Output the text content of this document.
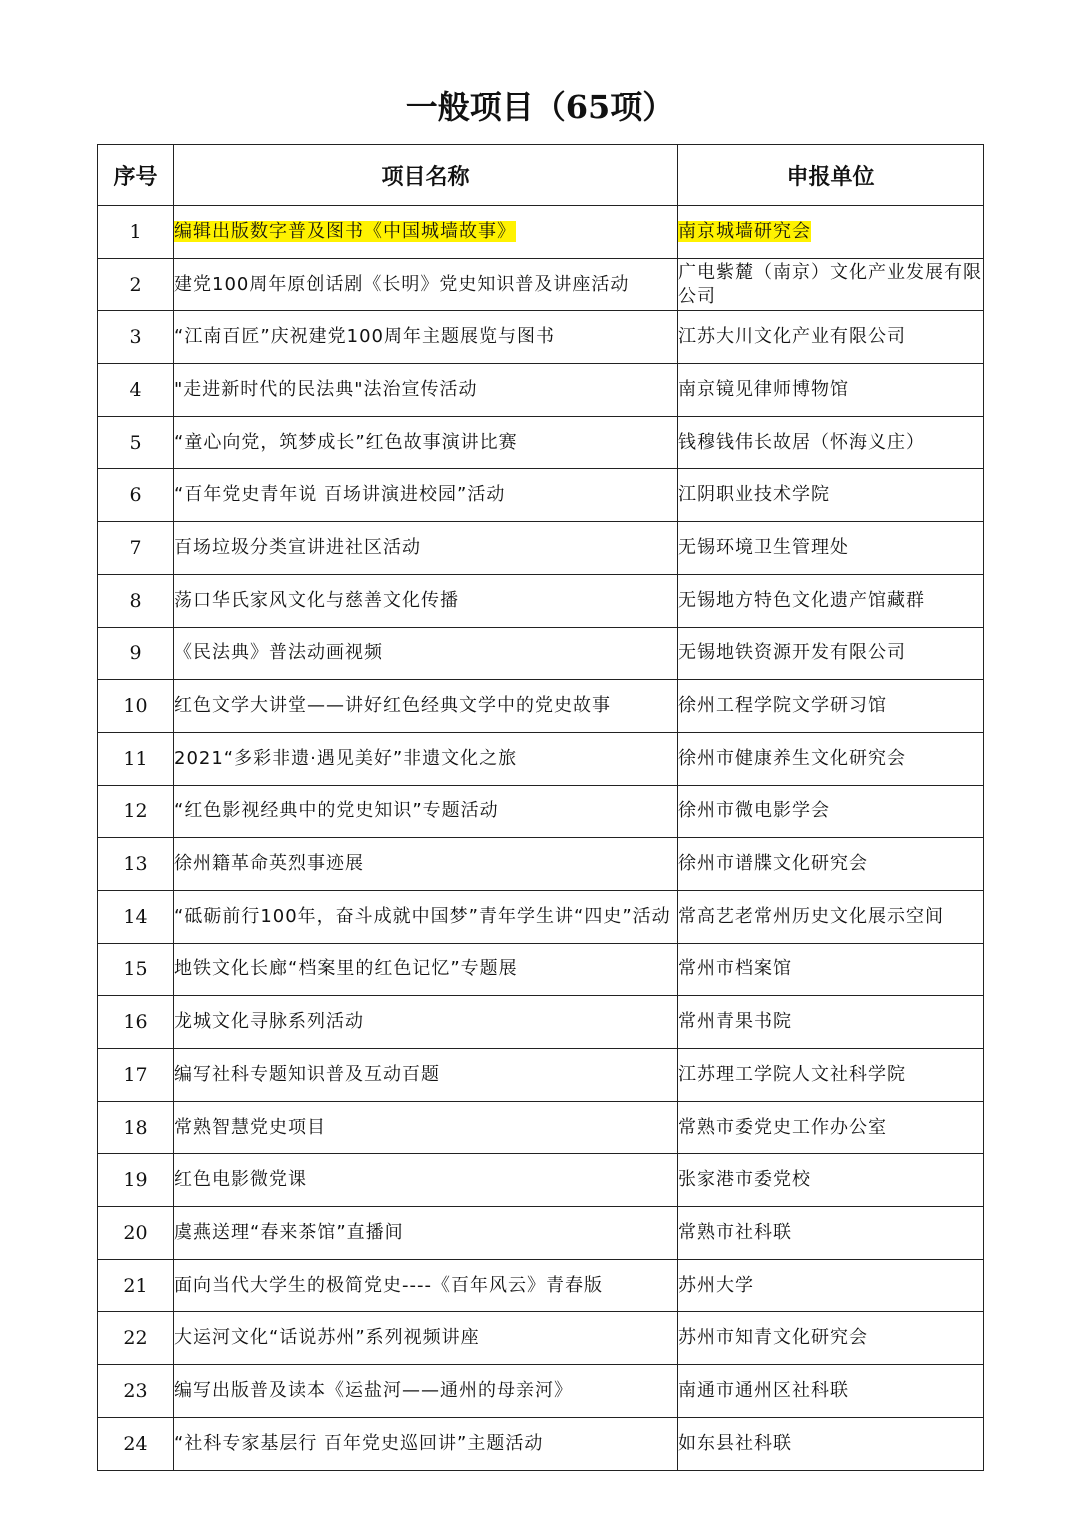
一般项目（65项）
序号	项目名称	申报单位
1	编辑出版数字普及图书《中国城墙故事》	南京城墙研究会
2	建党100周年原创话剧《长明》党史知识普及讲座活动	广电紫麓（南京）文化产业发展有限公司
3	“江南百匠”庆祝建党100周年主题展览与图书	江苏大川文化产业有限公司
4	"走进新时代的民法典"法治宣传活动	南京镜见律师博物馆
5	“童心向党，筑梦成长”红色故事演讲比赛	钱穆钱伟长故居（怀海义庄）
6	“百年党史青年说 百场讲演进校园”活动	江阴职业技术学院
7	百场垃圾分类宣讲进社区活动	无锡环境卫生管理处
8	荡口华氏家风文化与慈善文化传播	无锡地方特色文化遗产馆藏群
9	《民法典》普法动画视频	无锡地铁资源开发有限公司
10	红色文学大讲堂——讲好红色经典文学中的党史故事	徐州工程学院文学研习馆
11	2021“多彩非遗·遇见美好”非遗文化之旅	徐州市健康养生文化研究会
12	“红色影视经典中的党史知识”专题活动	徐州市微电影学会
13	徐州籍革命英烈事迹展	徐州市谱牒文化研究会
14	“砥砺前行100年，奋斗成就中国梦”青年学生讲“四史”活动	常高艺老常州历史文化展示空间
15	地铁文化长廊“档案里的红色记忆”专题展	常州市档案馆
16	龙城文化寻脉系列活动	常州青果书院
17	编写社科专题知识普及互动百题	江苏理工学院人文社科学院
18	常熟智慧党史项目	常熟市委党史工作办公室
19	红色电影微党课	张家港市委党校
20	虞燕送理“春来茶馆”直播间	常熟市社科联
21	面向当代大学生的极简党史----《百年风云》青春版	苏州大学
22	大运河文化“话说苏州”系列视频讲座	苏州市知青文化研究会
23	编写出版普及读本《运盐河——通州的母亲河》	南通市通州区社科联
24	“社科专家基层行 百年党史巡回讲”主题活动	如东县社科联
